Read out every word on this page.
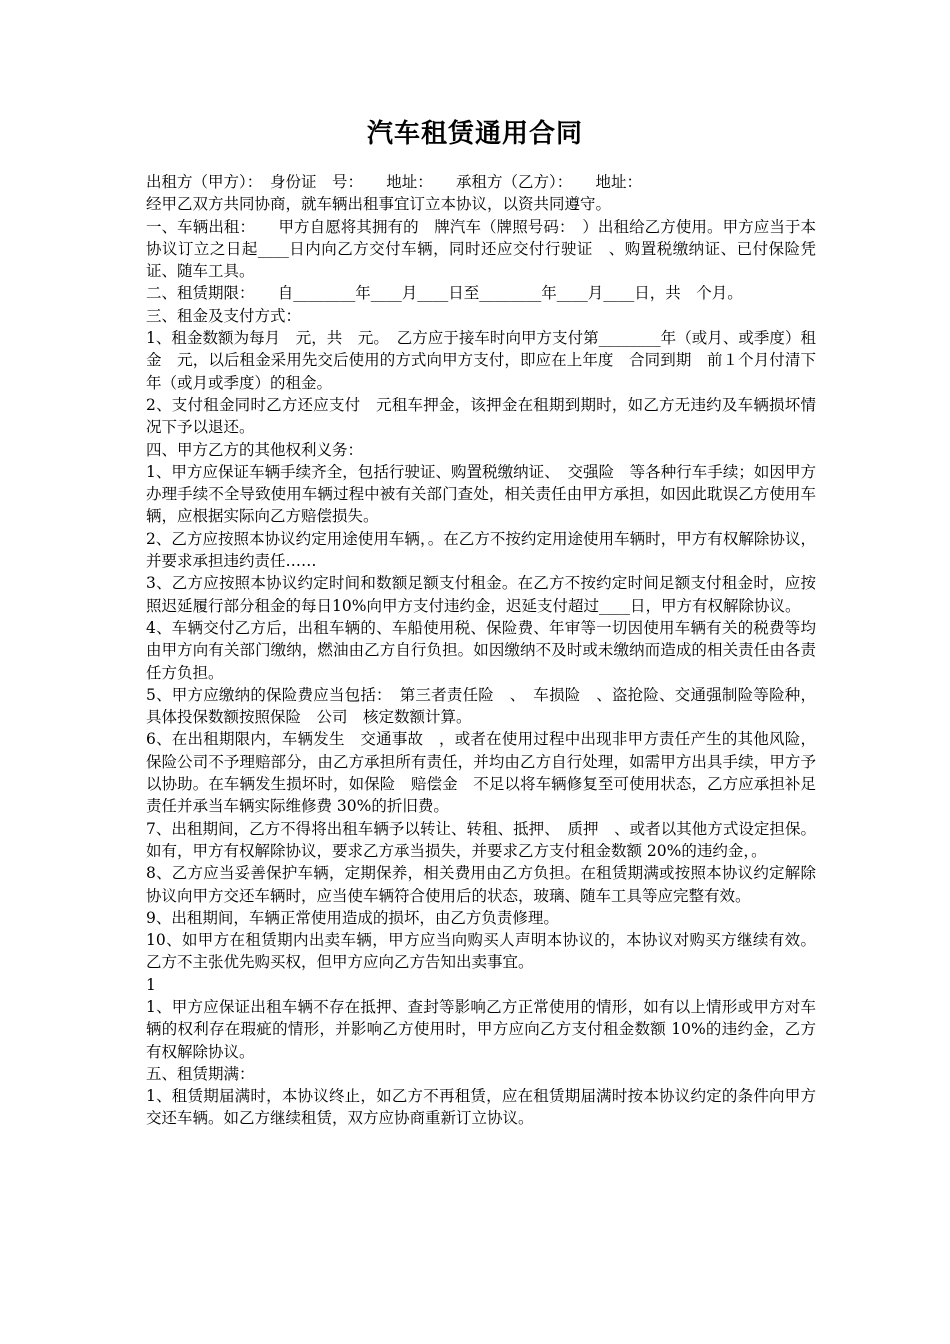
汽车租赁通用合同

出租方（甲方）：　身份证　号：　　地址：　　承租方（乙方）：　　地址：

经甲乙双方共同协商，就车辆出租事宜订立本协议，以资共同遵守。

一、车辆出租：　　甲方自愿将其拥有的　牌汽车（牌照号码：　）出租给乙方使用。甲方应当于本协议订立之日起____日内向乙方交付车辆，同时还应交付行驶证　、购置税缴纳证、已付保险凭证、随车工具。

二、租赁期限：　　自________年____月____日至________年____月____日，共　个月。

三、租金及支付方式：

1、租金数额为每月　元，共　元。　乙方应于接车时向甲方支付第________年（或月、或季度）租金　元，以后租金采用先交后使用的方式向甲方支付，即应在上年度　合同到期　前１个月付清下年（或月或季度）的租金。

2、支付租金同时乙方还应支付　元租车押金，该押金在租期到期时，如乙方无违约及车辆损坏情况下予以退还。

四、甲方乙方的其他权利义务：

1、甲方应保证车辆手续齐全，包括行驶证、购置税缴纳证、　交强险　等各种行车手续；如因甲方办理手续不全导致使用车辆过程中被有关部门查处，相关责任由甲方承担，如因此耽误乙方使用车辆，应根据实际向乙方赔偿损失。

2、乙方应按照本协议约定用途使用车辆，。在乙方不按约定用途使用车辆时，甲方有权解除协议，并要求承担违约责任……

3、乙方应按照本协议约定时间和数额足额支付租金。在乙方不按约定时间足额支付租金时，应按照迟延履行部分租金的每日10%向甲方支付违约金，迟延支付超过____日，甲方有权解除协议。

4、车辆交付乙方后，出租车辆的、车船使用税、保险费、年审等一切因使用车辆有关的税费等均由甲方向有关部门缴纳，燃油由乙方自行负担。如因缴纳不及时或未缴纳而造成的相关责任由各责任方负担。

5、甲方应缴纳的保险费应当包括：　第三者责任险　、　车损险　、盗抢险、交通强制险等险种，具体投保数额按照保险　公司　核定数额计算。

6、在出租期限内，车辆发生　交通事故　，或者在使用过程中出现非甲方责任产生的其他风险，保险公司不予理赔部分，由乙方承担所有责任，并均由乙方自行处理，如需甲方出具手续，甲方予以协助。在车辆发生损坏时，如保险　赔偿金　不足以将车辆修复至可使用状态，乙方应承担补足责任并承当车辆实际维修费 30%的折旧费。

7、出租期间，乙方不得将出租车辆予以转让、转租、抵押、　质押　、或者以其他方式设定担保。如有，甲方有权解除协议，要求乙方承当损失，并要求乙方支付租金数额 20%的违约金，。

8、乙方应当妥善保护车辆，定期保养，相关费用由乙方负担。在租赁期满或按照本协议约定解除协议向甲方交还车辆时，应当使车辆符合使用后的状态，玻璃、随车工具等应完整有效。

9、出租期间，车辆正常使用造成的损坏，由乙方负责修理。

10、如甲方在租赁期内出卖车辆，甲方应当向购买人声明本协议的，本协议对购买方继续有效。乙方不主张优先购买权，但甲方应向乙方告知出卖事宜。

1

1、甲方应保证出租车辆不存在抵押、查封等影响乙方正常使用的情形，如有以上情形或甲方对车辆的权利存在瑕疵的情形，并影响乙方使用时，甲方应向乙方支付租金数额 10%的违约金，乙方有权解除协议。

五、租赁期满：

1、租赁期届满时，本协议终止，如乙方不再租赁，应在租赁期届满时按本协议约定的条件向甲方交还车辆。如乙方继续租赁，双方应协商重新订立协议。
